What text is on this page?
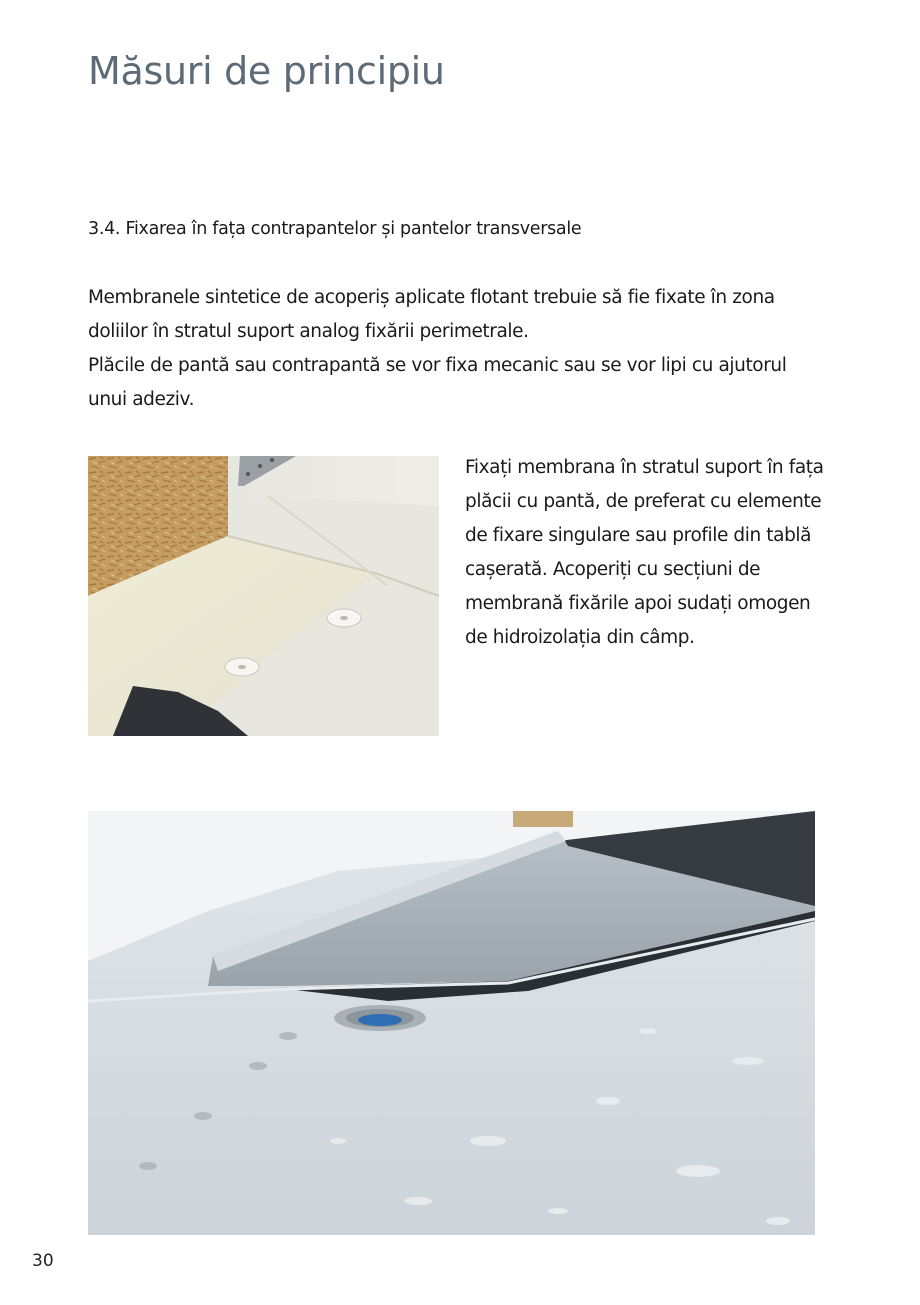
Măsuri de principiu
3.4. Fixarea în fața contrapantelor și pantelor transversale

Membranele sintetice de acoperiș aplicate flotant trebuie să fie fixate în zona doliilor în stratul suport analog fixării perimetrale.

Plăcile de pantă sau contrapantă se vor fixa mecanic sau se vor lipi cu ajutorul unui adeziv.

Fixați membrana în stratul suport în fața plăcii cu pantă, de preferat cu elemente de fixare singulare sau profile din tablă cașerată. Acoperiți cu secțiuni de membrană fixările apoi sudați omogen de hidroizolația din câmp.

30
